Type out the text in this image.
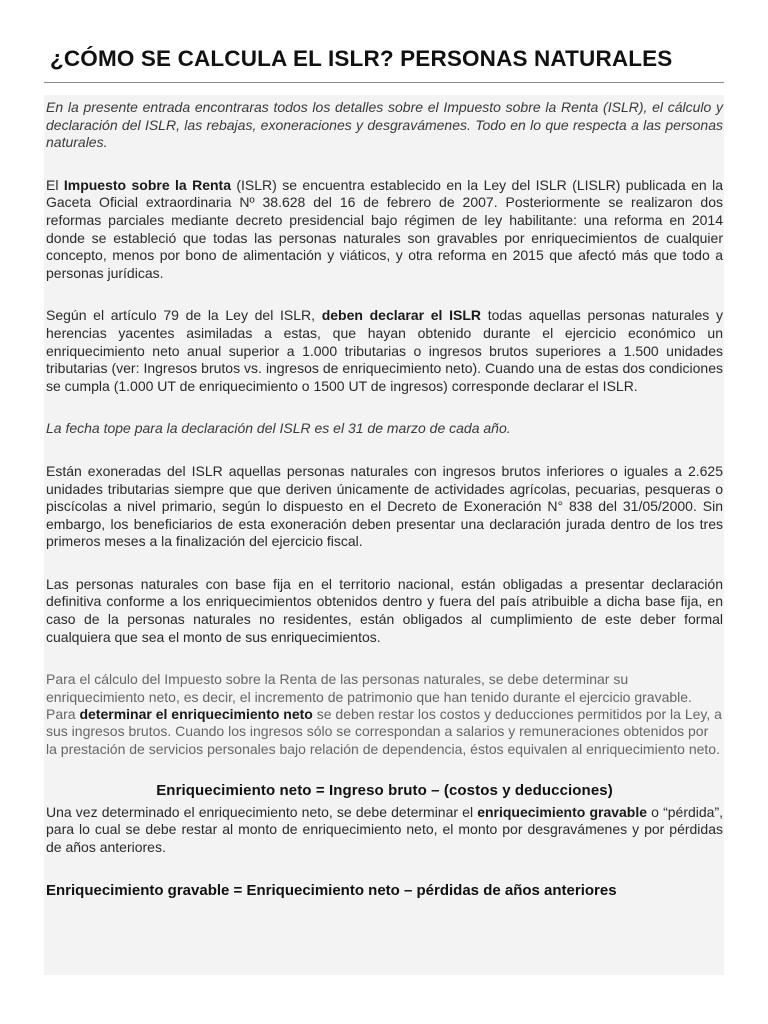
¿CÓMO SE CALCULA EL ISLR? PERSONAS NATURALES

En la presente entrada encontraras todos los detalles sobre el Impuesto sobre la Renta (ISLR), el cálculo y declaración del ISLR, las rebajas, exoneraciones y desgravámenes. Todo en lo que respecta a las personas naturales.

El Impuesto sobre la Renta (ISLR) se encuentra establecido en la Ley del ISLR (LISLR) publicada en la Gaceta Oficial extraordinaria Nº 38.628 del 16 de febrero de 2007. Posteriormente se realizaron dos reformas parciales mediante decreto presidencial bajo régimen de ley habilitante: una reforma en 2014 donde se estableció que todas las personas naturales son gravables por enriquecimientos de cualquier concepto, menos por bono de alimentación y viáticos, y otra reforma en 2015 que afectó más que todo a personas jurídicas.

Según el artículo 79 de la Ley del ISLR, deben declarar el ISLR todas aquellas personas naturales y herencias yacentes asimiladas a estas, que hayan obtenido durante el ejercicio económico un enriquecimiento neto anual superior a 1.000 tributarias o ingresos brutos superiores a 1.500 unidades tributarias (ver: Ingresos brutos vs. ingresos de enriquecimiento neto). Cuando una de estas dos condiciones se cumpla (1.000 UT de enriquecimiento o 1500 UT de ingresos) corresponde declarar el ISLR.

La fecha tope para la declaración del ISLR es el 31 de marzo de cada año.

Están exoneradas del ISLR aquellas personas naturales con ingresos brutos inferiores o iguales a 2.625 unidades tributarias siempre que que deriven únicamente de actividades agrícolas, pecuarias, pesqueras o piscícolas a nivel primario, según lo dispuesto en el Decreto de Exoneración N° 838 del 31/05/2000. Sin embargo, los beneficiarios de esta exoneración deben presentar una declaración jurada dentro de los tres primeros meses a la finalización del ejercicio fiscal.

Las personas naturales con base fija en el territorio nacional, están obligadas a presentar declaración definitiva conforme a los enriquecimientos obtenidos dentro y fuera del país atribuible a dicha base fija, en caso de la personas naturales no residentes, están obligados al cumplimiento de este deber formal cualquiera que sea el monto de sus enriquecimientos.

Para el cálculo del Impuesto sobre la Renta de las personas naturales, se debe determinar su enriquecimiento neto, es decir, el incremento de patrimonio que han tenido durante el ejercicio gravable. Para determinar el enriquecimiento neto se deben restar los costos y deducciones permitidos por la Ley, a sus ingresos brutos. Cuando los ingresos sólo se correspondan a salarios y remuneraciones obtenidos por la prestación de servicios personales bajo relación de dependencia, éstos equivalen al enriquecimiento neto.

Enriquecimiento neto = Ingreso bruto – (costos y deducciones)

Una vez determinado el enriquecimiento neto, se debe determinar el enriquecimiento gravable o “pérdida”, para lo cual se debe restar al monto de enriquecimiento neto, el monto por desgravámenes y por pérdidas de años anteriores.

Enriquecimiento gravable = Enriquecimiento neto – pérdidas de años anteriores
